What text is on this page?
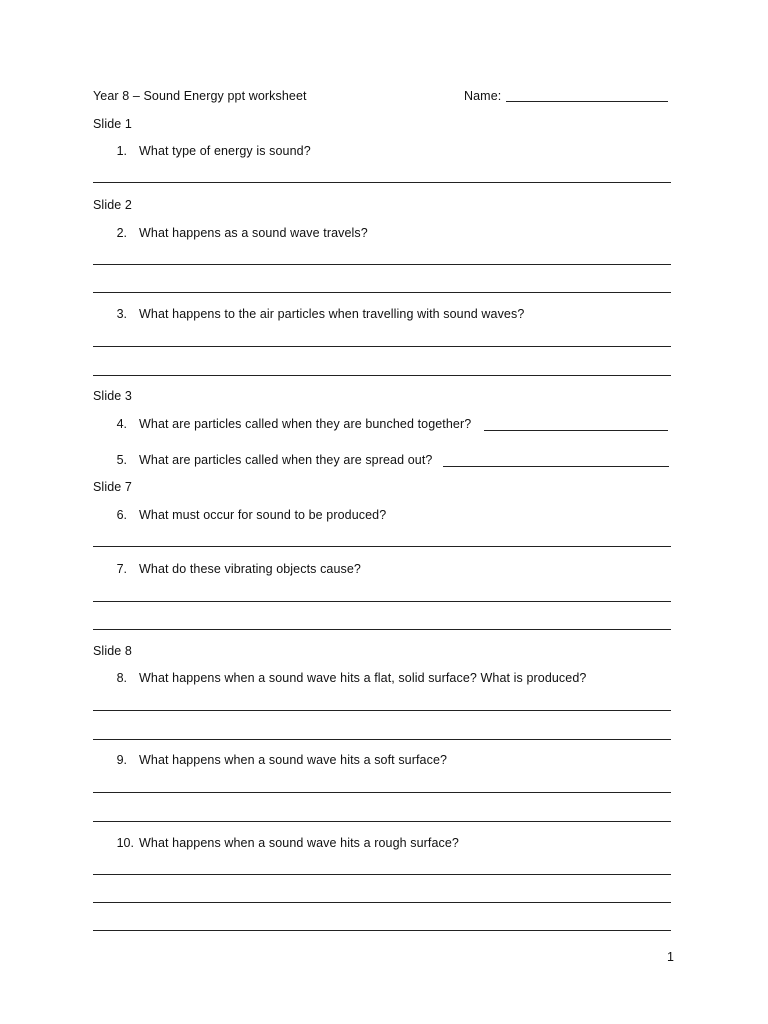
Year 8 – Sound Energy ppt worksheet	Name:
Slide 1
1. What type of energy is sound?
Slide 2
2. What happens as a sound wave travels?
3. What happens to the air particles when travelling with sound waves?
Slide 3
4. What are particles called when they are bunched together?
5. What are particles called when they are spread out?
Slide 7
6. What must occur for sound to be produced?
7. What do these vibrating objects cause?
Slide 8
8. What happens when a sound wave hits a flat, solid surface? What is produced?
9. What happens when a sound wave hits a soft surface?
10. What happens when a sound wave hits a rough surface?
1
